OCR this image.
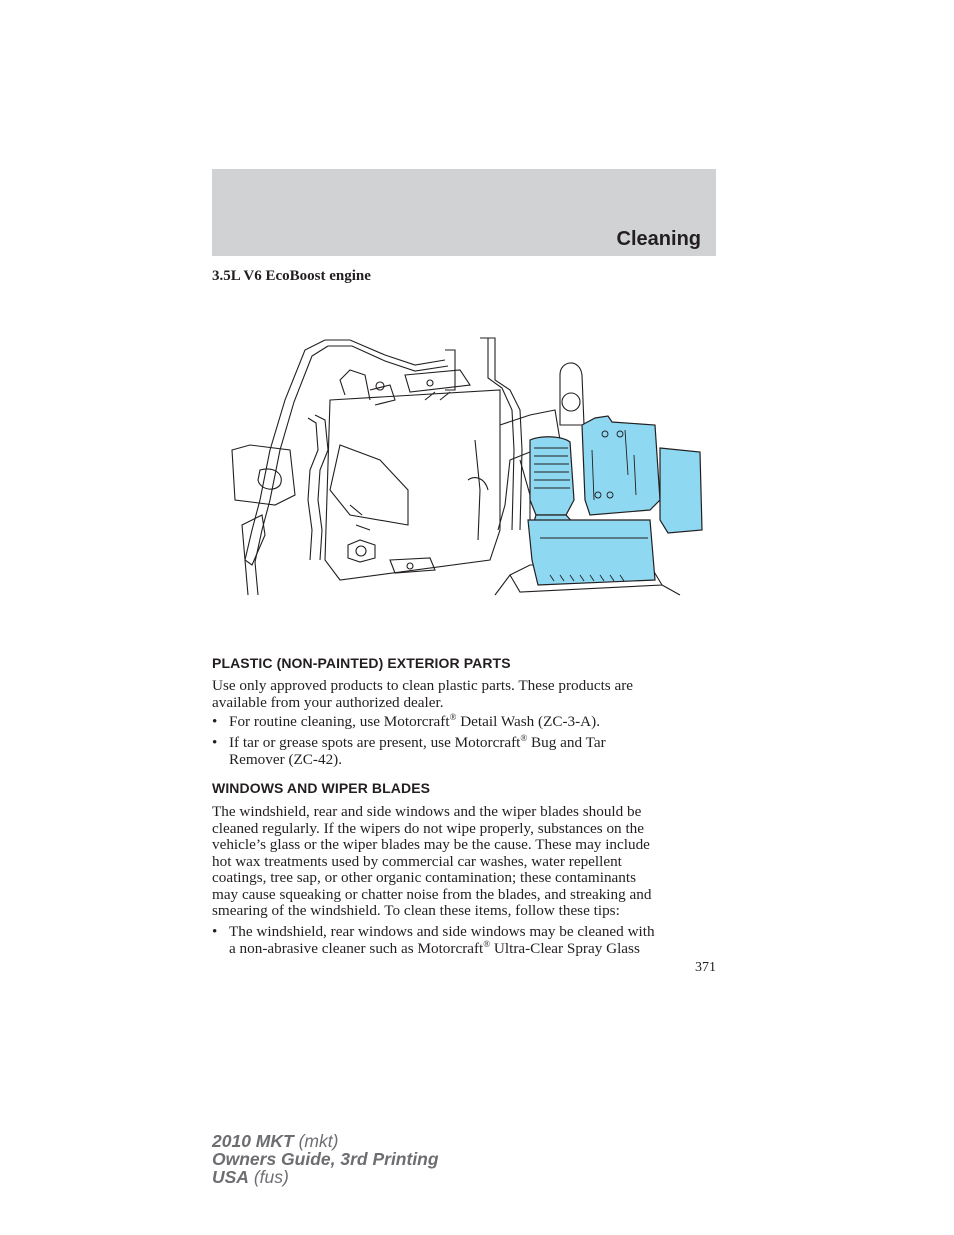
Cleaning
3.5L V6 EcoBoost engine
PLASTIC (NON-PAINTED) EXTERIOR PARTS

Use only approved products to clean plastic parts. These products are
available from your authorized dealer.

• For routine cleaning, use Motorcraft® Detail Wash (ZC-3-A).
• If tar or grease spots are present, use Motorcraft® Bug and Tar
Remover (ZC-42).
WINDOWS AND WIPER BLADES

The windshield, rear and side windows and the wiper blades should be
cleaned regularly. If the wipers do not wipe properly, substances on the
vehicle’s glass or the wiper blades may be the cause. These may include
hot wax treatments used by commercial car washes, water repellent
coatings, tree sap, or other organic contamination; these contaminants
may cause squeaking or chatter noise from the blades, and streaking and
smearing of the windshield. To clean these items, follow these tips:

• The windshield, rear windows and side windows may be cleaned with
a non-abrasive cleaner such as Motorcraft® Ultra-Clear Spray Glass
371
2010 MKT (mkt)
Owners Guide, 3rd Printing
USA (fus)
